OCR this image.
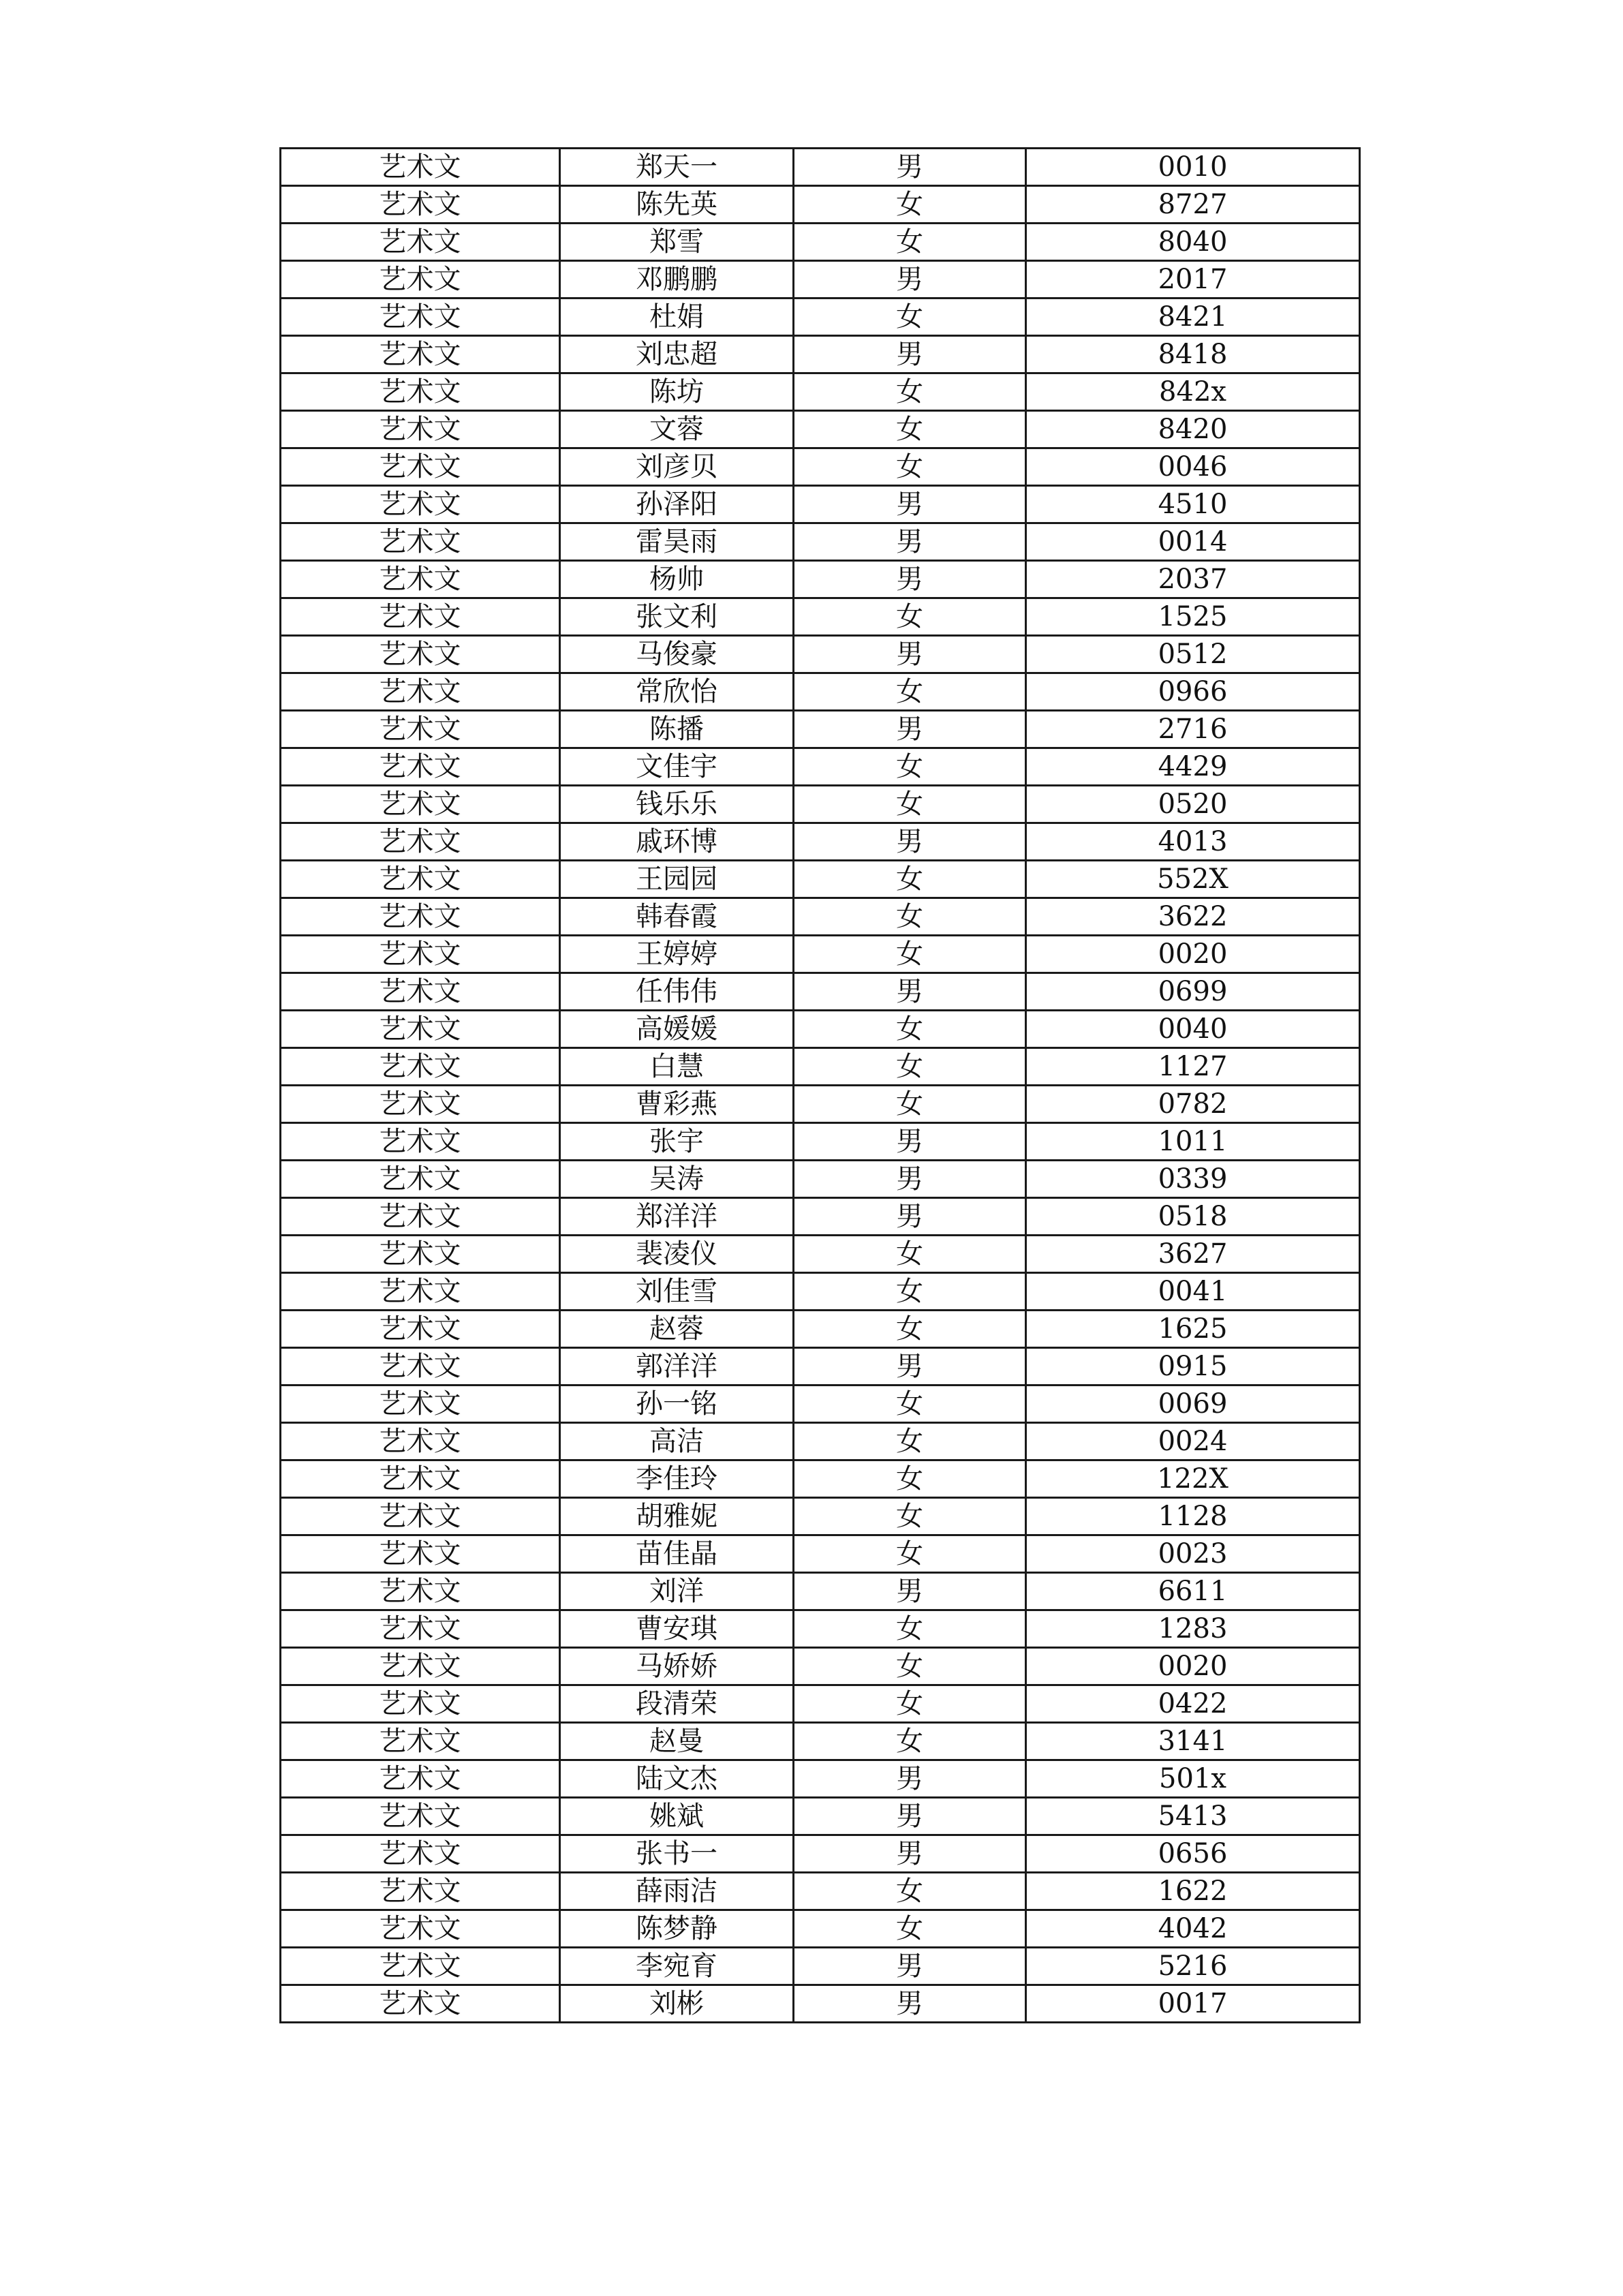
艺术文	郑天一	男	0010
艺术文	陈先英	女	8727
艺术文	郑雪	女	8040
艺术文	邓鹏鹏	男	2017
艺术文	杜娟	女	8421
艺术文	刘忠超	男	8418
艺术文	陈坊	女	842x
艺术文	文蓉	女	8420
艺术文	刘彦贝	女	0046
艺术文	孙泽阳	男	4510
艺术文	雷昊雨	男	0014
艺术文	杨帅	男	2037
艺术文	张文利	女	1525
艺术文	马俊豪	男	0512
艺术文	常欣怡	女	0966
艺术文	陈播	男	2716
艺术文	文佳宇	女	4429
艺术文	钱乐乐	女	0520
艺术文	戚环博	男	4013
艺术文	王园园	女	552X
艺术文	韩春霞	女	3622
艺术文	王婷婷	女	0020
艺术文	任伟伟	男	0699
艺术文	高媛媛	女	0040
艺术文	白慧	女	1127
艺术文	曹彩燕	女	0782
艺术文	张宇	男	1011
艺术文	吴涛	男	0339
艺术文	郑洋洋	男	0518
艺术文	裴凌仪	女	3627
艺术文	刘佳雪	女	0041
艺术文	赵蓉	女	1625
艺术文	郭洋洋	男	0915
艺术文	孙一铭	女	0069
艺术文	高洁	女	0024
艺术文	李佳玲	女	122X
艺术文	胡雅妮	女	1128
艺术文	苗佳晶	女	0023
艺术文	刘洋	男	6611
艺术文	曹安琪	女	1283
艺术文	马娇娇	女	0020
艺术文	段清荣	女	0422
艺术文	赵曼	女	3141
艺术文	陆文杰	男	501x
艺术文	姚斌	男	5413
艺术文	张书一	男	0656
艺术文	薛雨洁	女	1622
艺术文	陈梦静	女	4042
艺术文	李宛育	男	5216
艺术文	刘彬	男	0017
